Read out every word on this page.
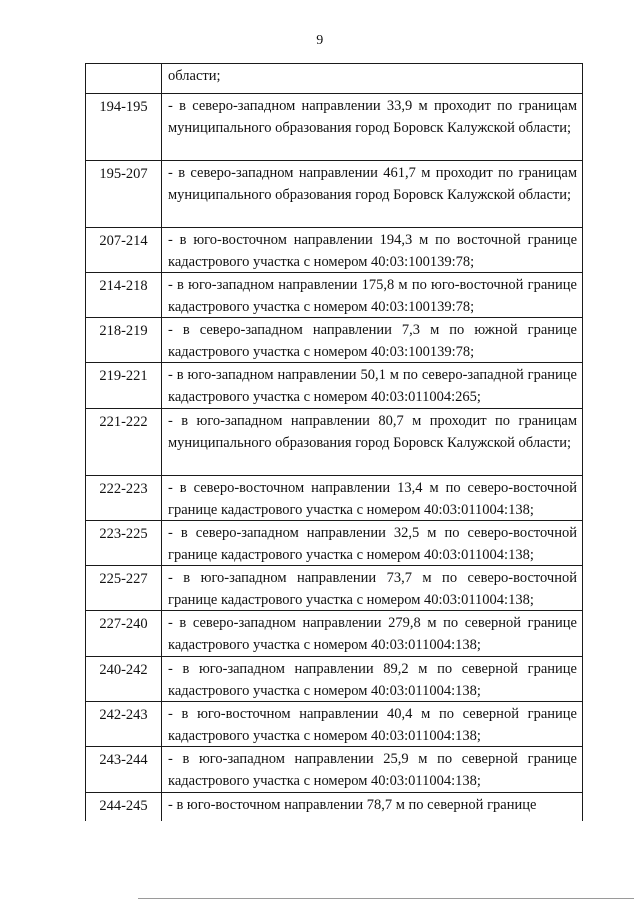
9
области;
194-195	- в северо-западном направлении 33,9 м проходит по границам муниципального образования город Боровск Калужской области;
195-207	- в северо-западном направлении 461,7 м проходит по границам муниципального образования город Боровск Калужской области;
207-214	- в юго-восточном направлении 194,3 м по восточной границе кадастрового участка с номером 40:03:100139:78;
214-218	- в юго-западном направлении 175,8 м по юго-восточной границе кадастрового участка с номером 40:03:100139:78;
218-219	- в северо-западном направлении 7,3 м по южной границе кадастрового участка с номером 40:03:100139:78;
219-221	- в юго-западном направлении 50,1 м по северо-западной границе кадастрового участка с номером 40:03:011004:265;
221-222	- в юго-западном направлении 80,7 м проходит по границам муниципального образования город Боровск Калужской области;
222-223	- в северо-восточном направлении 13,4 м по северо-восточной границе кадастрового участка с номером 40:03:011004:138;
223-225	- в северо-западном направлении 32,5 м по северо-восточной границе кадастрового участка с номером 40:03:011004:138;
225-227	- в юго-западном направлении 73,7 м по северо-восточной границе кадастрового участка с номером 40:03:011004:138;
227-240	- в северо-западном направлении 279,8 м по северной границе кадастрового участка с номером 40:03:011004:138;
240-242	- в юго-западном направлении 89,2 м по северной границе кадастрового участка с номером 40:03:011004:138;
242-243	- в юго-восточном направлении 40,4 м по северной границе кадастрового участка с номером 40:03:011004:138;
243-244	- в юго-западном направлении 25,9 м по северной границе кадастрового участка с номером 40:03:011004:138;
244-245	- в юго-восточном направлении 78,7 м по северной границе
